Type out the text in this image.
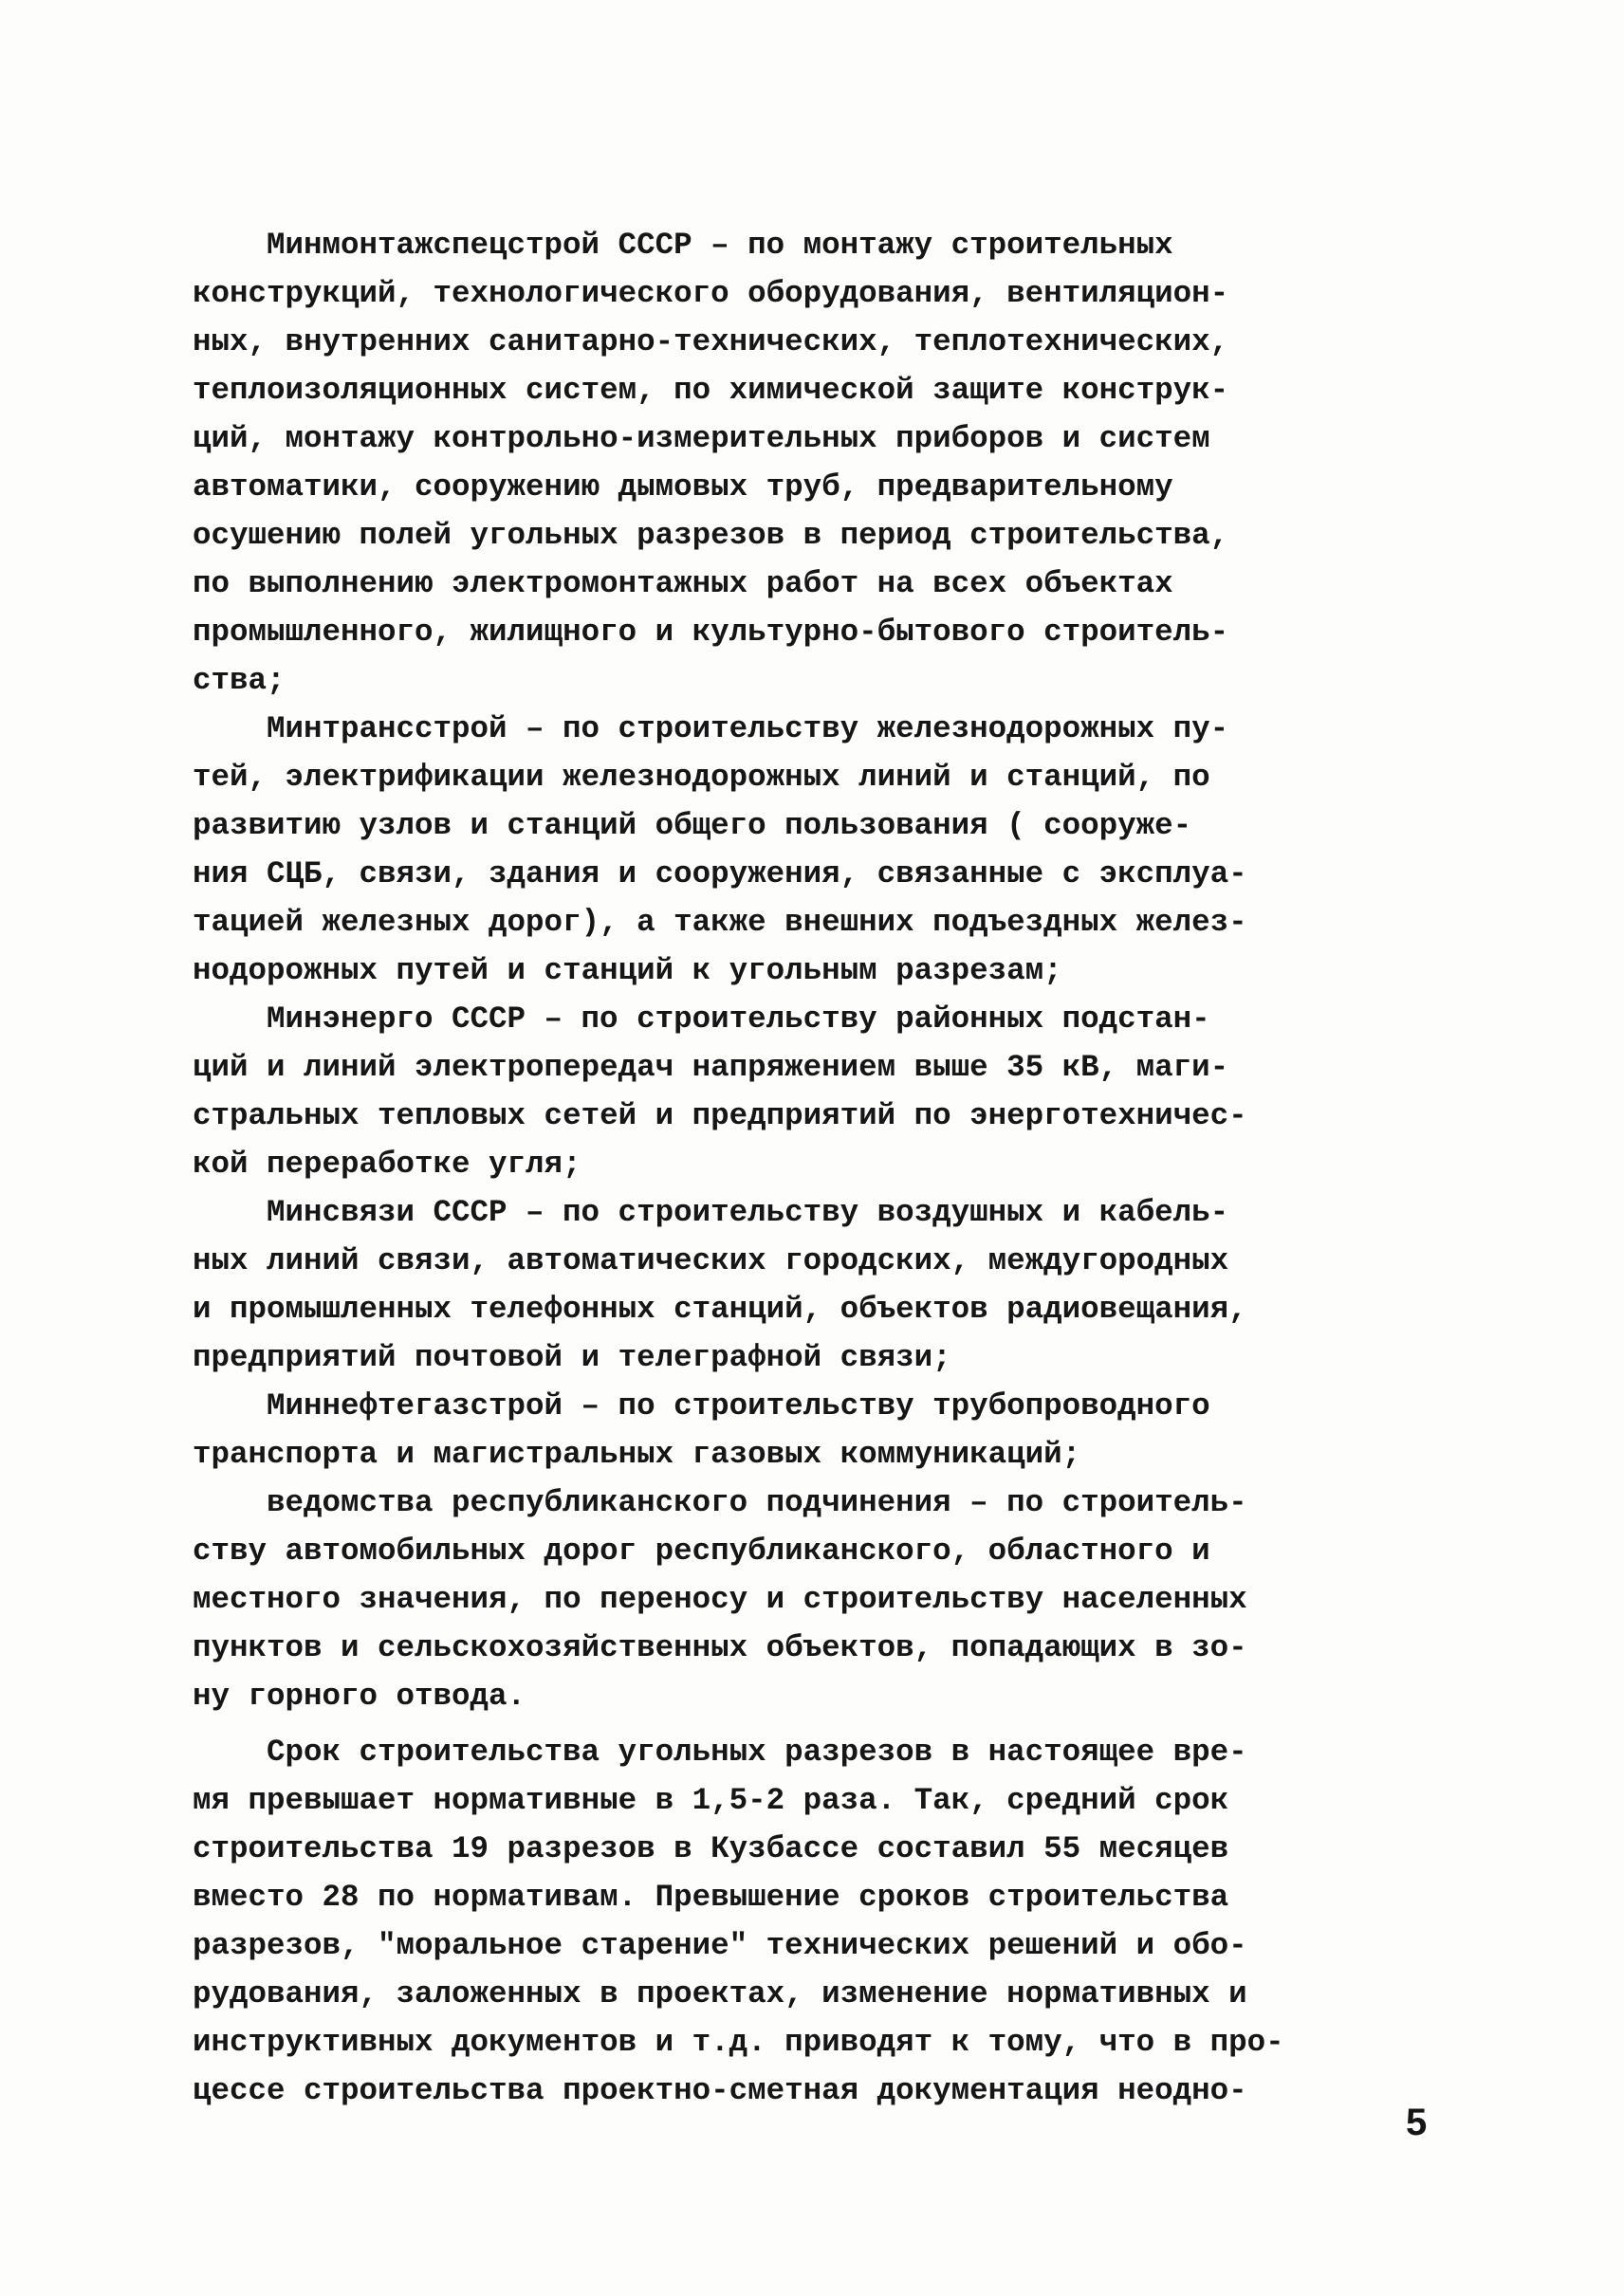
Минмонтажспецстрой СССР – по монтажу строительных
конструкций, технологического оборудования, вентиляцион-
ных, внутренних санитарно-технических, теплотехнических,
теплоизоляционных систем, по химической защите конструк-
ций, монтажу контрольно-измерительных приборов и систем
автоматики, сооружению дымовых труб, предварительному
осушению полей угольных разрезов в период строительства,
по выполнению электромонтажных работ на всех объектах
промышленного, жилищного и культурно-бытового строитель-
ства;
Минтрансстрой – по строительству железнодорожных пу-
тей, электрификации железнодорожных линий и станций, по
развитию узлов и станций общего пользования ( сооруже-
ния СЦБ, связи, здания и сооружения, связанные с эксплуа-
тацией железных дорог), а также внешних подъездных желез-
нодорожных путей и станций к угольным разрезам;
Минэнерго СССР – по строительству районных подстан-
ций и линий электропередач напряжением выше 35 кВ, маги-
стральных тепловых сетей и предприятий по энерготехничес-
кой переработке угля;
Минсвязи СССР – по строительству воздушных и кабель-
ных линий связи, автоматических городских, междугородных
и промышленных телефонных станций, объектов радиовещания,
предприятий почтовой и телеграфной связи;
Миннефтегазстрой – по строительству трубопроводного
транспорта и магистральных газовых коммуникаций;
ведомства республиканского подчинения – по строитель-
ству автомобильных дорог республиканского, областного и
местного значения, по переносу и строительству населенных
пунктов и сельскохозяйственных объектов, попадающих в зо-
ну горного отвода.
Срок строительства угольных разрезов в настоящее вре-
мя превышает нормативные в 1,5-2 раза. Так, средний срок
строительства 19 разрезов в Кузбассе составил 55 месяцев
вместо 28 по нормативам. Превышение сроков строительства
разрезов, "моральное старение" технических решений и обо-
рудования, заложенных в проектах, изменение нормативных и
инструктивных документов и т.д. приводят к тому, что в про-
цессе строительства проектно-сметная документация неодно-
5
